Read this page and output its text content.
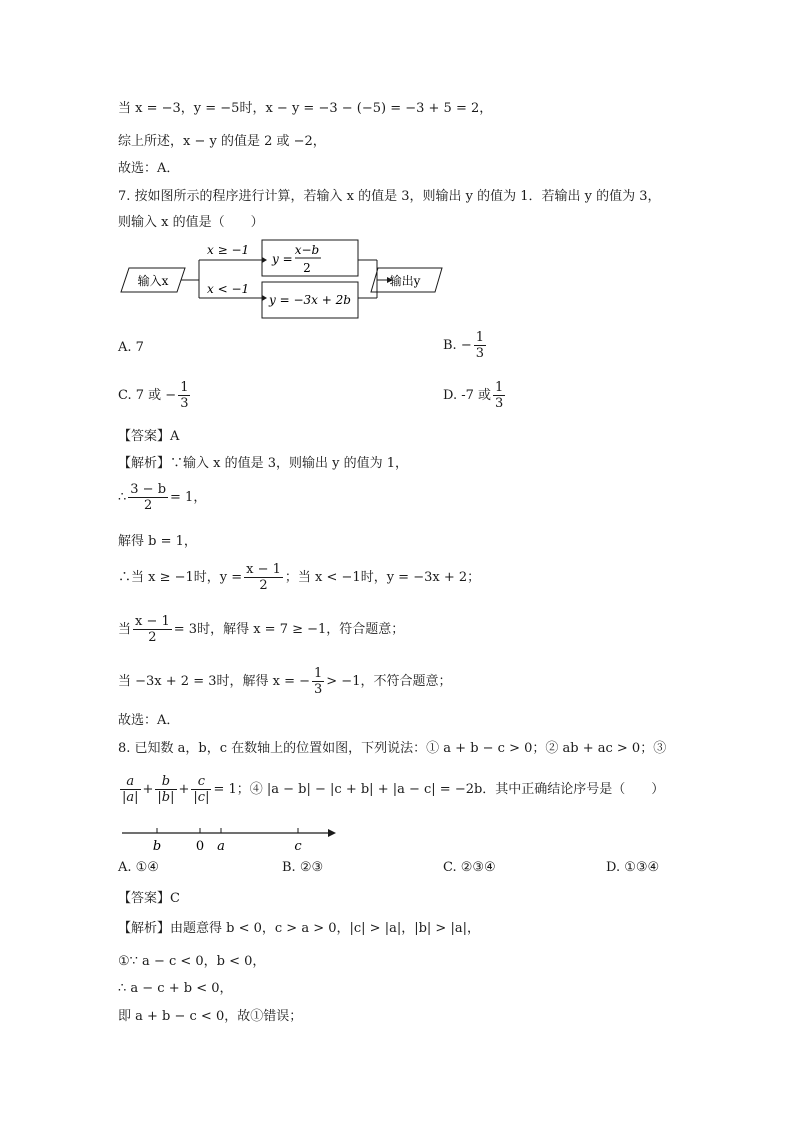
当 x = −3，y = −5时，x − y = −3 − (−5) = −3 + 5 = 2，
综上所述，x − y 的值是 2 或 −2，
故选：A．
7. 按如图所示的程序进行计算，若输入 x 的值是 3，则输出 y 的值为 1．若输出 y 的值为 3，
则输入 x 的值是（　　）
输入x
x ≥ −1
x < −1
y =
x−b
2
y = −3x + 2b
输出y
A. 7	B. − $\frac{1}{3}$
C. 7 或 − $\frac{1}{3}$	D. -7 或 $\frac{1}{3}$
【答案】A
【解析】∵输入 x 的值是 3，则输出 y 的值为 1，
∴ $\frac{3 - b}{2} = 1$，
解得 b = 1，
∴当 x ≥ −1时，$y = \frac{x - 1}{2}$ ；当 x < −1时，y = −3x + 2；
当 $\frac{x - 1}{2} = 3$时，解得 x = 7 ≥ −1，符合题意；
当 −3x + 2 = 3时，解得 x = − $\frac{1}{3} > -1$，不符合题意；
故选：A．
8. 已知数 a，b，c 在数轴上的位置如图，下列说法：① a + b − c > 0；② ab + ac > 0；③
$\frac{a}{|a|} + \frac{b}{|b|} + \frac{c}{|c|} = 1$；④ |a − b| − |c + b| + |a − c| = −2b．其中正确结论序号是（　　）
b	0 a	c
A. ①④	B. ②③	C. ②③④	D. ①③④
【答案】C
【解析】由题意得 b < 0，c > a > 0，|c| > |a|，|b| > |a|，
①∵ a − c < 0，b < 0，
∴ a − c + b < 0，
即 a + b − c < 0，故①错误；
